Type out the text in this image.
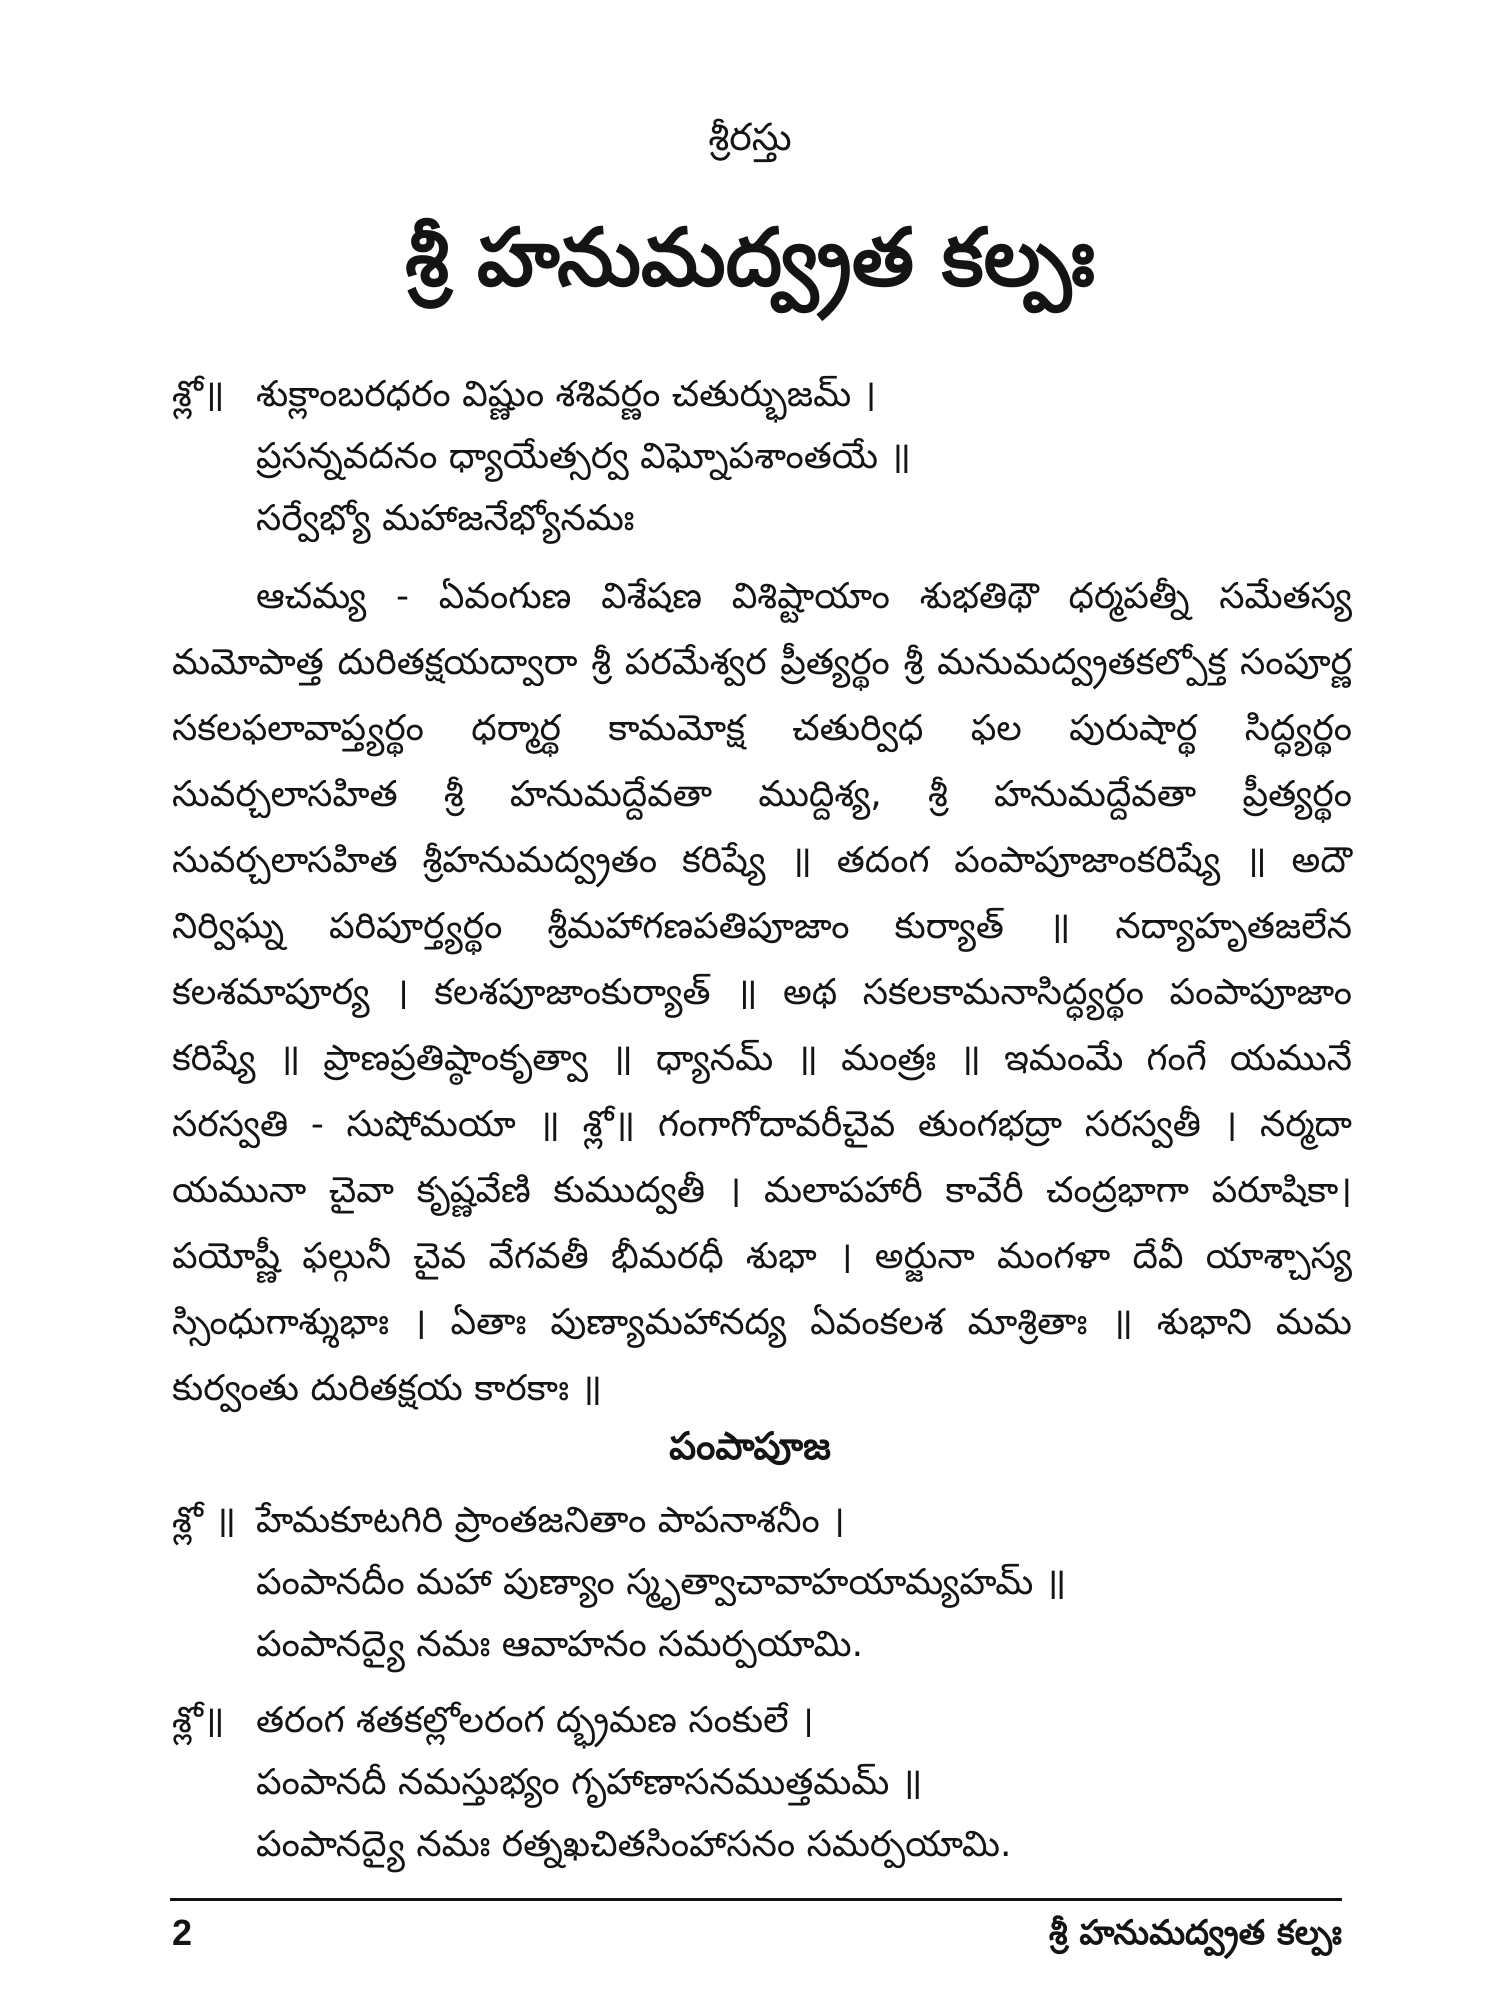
శ్రీరస్తు
శ్రీ హనుమద్వ్రత కల్పః
శ్లో॥ శుక్లాంబరధరం విష్ణుం శశివర్ణం చతుర్భుజమ్ ।
ప్రసన్నవదనం ధ్యాయేత్సర్వ విఘ్నోపశాంతయే ॥
సర్వేభ్యో మహాజనేభ్యోనమః
ఆచమ్య - ఏవంగుణ విశేషణ విశిష్టాయాం శుభతిథౌ ధర్మపత్నీ సమేతస్య మమోపాత్త దురితక్షయద్వారా శ్రీ పరమేశ్వర ప్రీత్యర్థం శ్రీ మనుమద్వ్రతకల్పోక్త సంపూర్ణ సకలఫలావాప్త్యర్థం ధర్మార్థ కామమోక్ష చతుర్విధ ఫల పురుషార్థ సిద్ధ్యర్థం సువర్చలాసహిత శ్రీ హనుమద్దేవతా ముద్దిశ్య, శ్రీ హనుమద్దేవతా ప్రీత్యర్థం సువర్చలాసహిత శ్రీహనుమద్వ్రతం కరిష్యే ॥ తదంగ పంపాపూజాంకరిష్యే ॥ అదౌ నిర్విఘ్న పరిపూర్త్యర్థం శ్రీమహాగణపతిపూజాం కుర్యాత్ ॥ నద్యాహృతజలేన కలశమాపూర్య । కలశపూజాంకుర్యాత్ ॥ అథ సకలకామనాసిద్ధ్యర్థం పంపాపూజాం కరిష్యే ॥ ప్రాణప్రతిష్ఠాంకృత్వా ॥ ధ్యానమ్ ॥ మంత్రః ॥ ఇమంమే గంగే యమునే సరస్వతి - సుషోమయా ॥ శ్లో॥ గంగాగోదావరీచైవ తుంగభద్రా సరస్వతీ । నర్మదా యమునా చైవా కృష్ణవేణి కుముద్వతీ । మలాపహారీ కావేరీ చంద్రభాగా పరూషికా। పయోష్ణీ ఫల్గునీ చైవ వేగవతీ భీమరధీ శుభా । అర్జునా మంగళా దేవీ యాశ్చాస్య స్సింధుగాశ్శుభాః । ఏతాః పుణ్యామహానద్య ఏవంకలశ మాశ్రితాః ॥ శుభాని మమ కుర్వంతు దురితక్షయ కారకాః ॥
పంపాపూజ
శ్లో ॥ హేమకూటగిరి ప్రాంతజనితాం పాపనాశనీం ।
పంపానదీం మహా పుణ్యాం స్మృత్వాచావాహయామ్యహమ్ ॥
పంపానద్యై నమః ఆవాహనం సమర్పయామి.
శ్లో॥ తరంగ శతకల్లోలరంగ ద్భ్రమణ సంకులే ।
పంపానదీ నమస్తుభ్యం గృహాణాసనముత్తమమ్ ॥
పంపానద్యై నమః రత్నఖచితసింహాసనం సమర్పయామి.
2	శ్రీ హనుమద్వ్రత కల్పః
